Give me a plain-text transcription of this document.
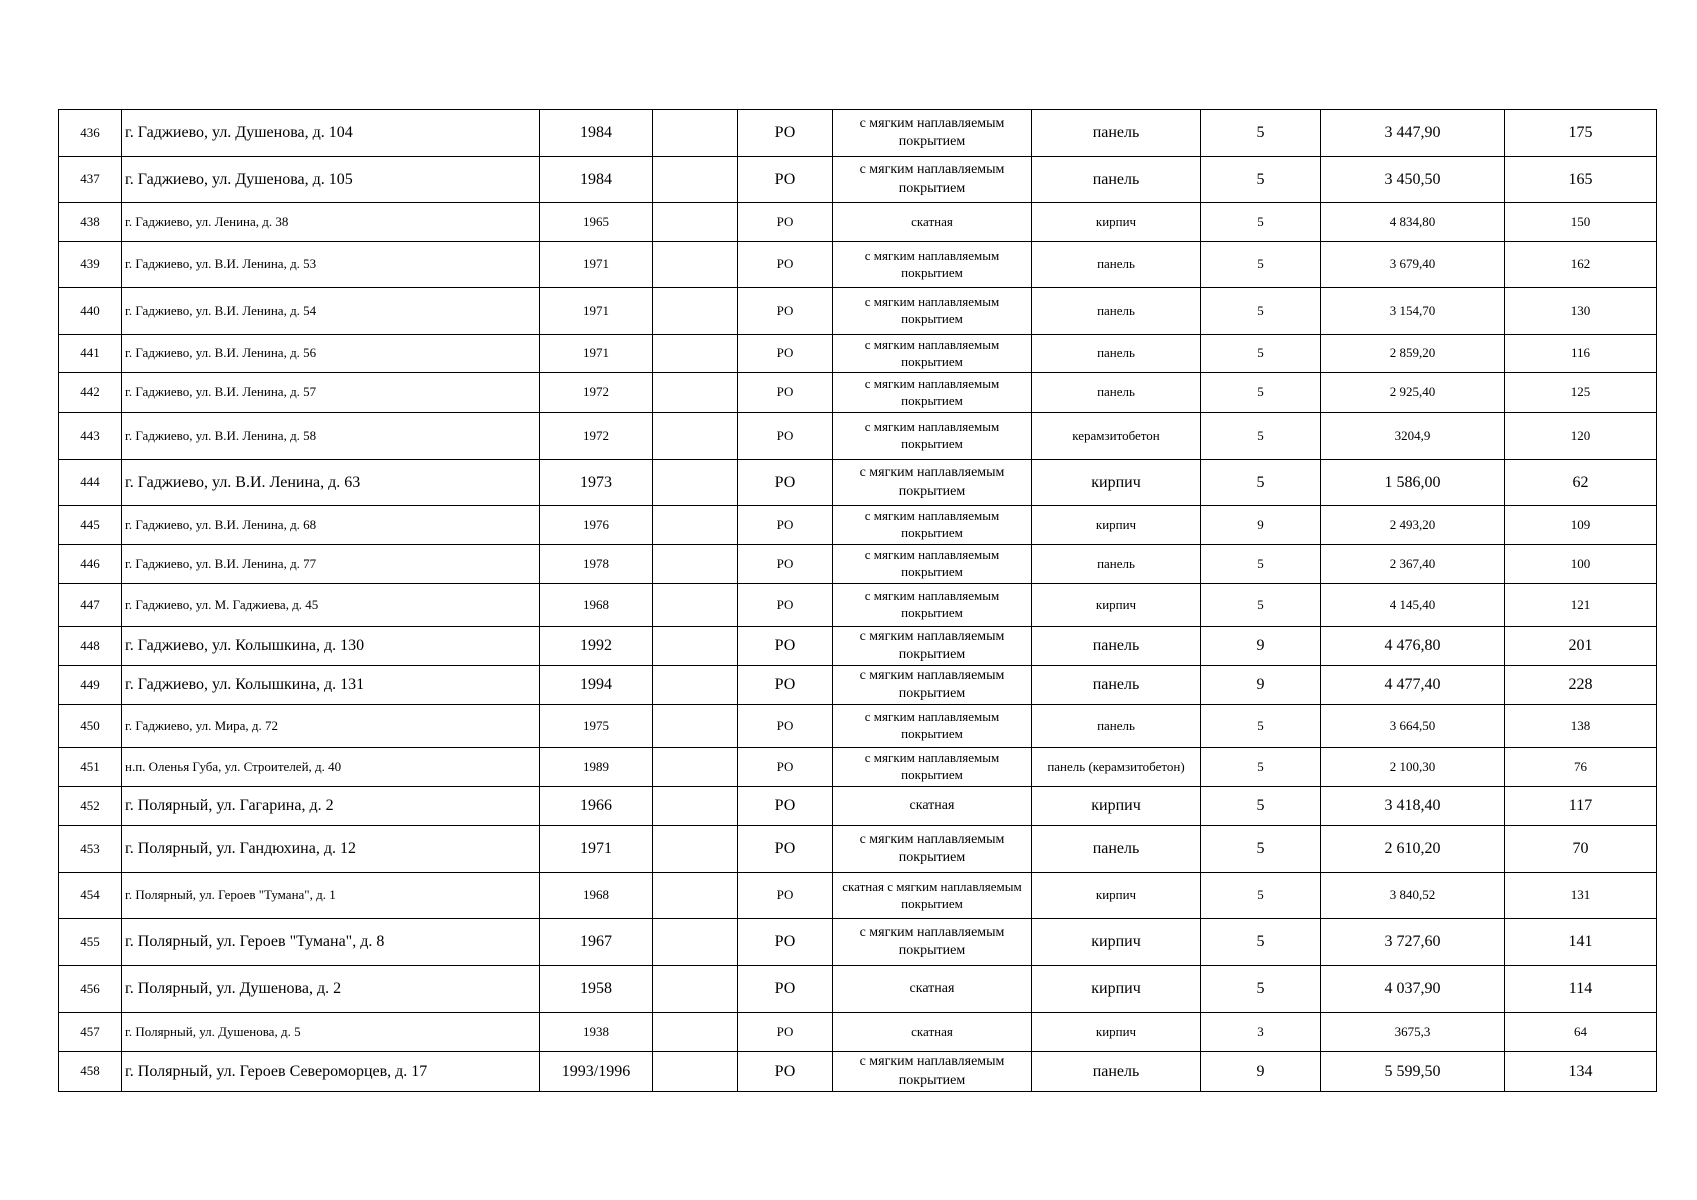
436	г. Гаджиево, ул. Душенова, д. 104	1984		РО	с мягким наплавляемым покрытием	панель	5	3 447,90	175
437	г. Гаджиево, ул. Душенова, д. 105	1984		РО	с мягким наплавляемым покрытием	панель	5	3 450,50	165
438	г. Гаджиево, ул. Ленина, д. 38	1965		РО	скатная	кирпич	5	4 834,80	150
439	г. Гаджиево, ул. В.И. Ленина, д. 53	1971		РО	с мягким наплавляемым покрытием	панель	5	3 679,40	162
440	г. Гаджиево, ул. В.И. Ленина, д. 54	1971		РО	с мягким наплавляемым покрытием	панель	5	3 154,70	130
441	г. Гаджиево, ул. В.И. Ленина, д. 56	1971		РО	с мягким наплавляемым покрытием	панель	5	2 859,20	116
442	г. Гаджиево, ул. В.И. Ленина, д. 57	1972		РО	с мягким наплавляемым покрытием	панель	5	2 925,40	125
443	г. Гаджиево, ул. В.И. Ленина, д. 58	1972		РО	с мягким наплавляемым покрытием	керамзитобетон	5	3204,9	120
444	г. Гаджиево, ул. В.И. Ленина, д. 63	1973		РО	с мягким наплавляемым покрытием	кирпич	5	1 586,00	62
445	г. Гаджиево, ул. В.И. Ленина, д. 68	1976		РО	с мягким наплавляемым покрытием	кирпич	9	2 493,20	109
446	г. Гаджиево, ул. В.И. Ленина, д. 77	1978		РО	с мягким наплавляемым покрытием	панель	5	2 367,40	100
447	г. Гаджиево, ул. М. Гаджиева, д. 45	1968		РО	с мягким наплавляемым покрытием	кирпич	5	4 145,40	121
448	г. Гаджиево, ул. Колышкина, д. 130	1992		РО	с мягким наплавляемым покрытием	панель	9	4 476,80	201
449	г. Гаджиево, ул. Колышкина, д. 131	1994		РО	с мягким наплавляемым покрытием	панель	9	4 477,40	228
450	г. Гаджиево, ул. Мира, д. 72	1975		РО	с мягким наплавляемым покрытием	панель	5	3 664,50	138
451	н.п. Оленья Губа, ул. Строителей, д. 40	1989		РО	с мягким наплавляемым покрытием	панель (керамзитобетон)	5	2 100,30	76
452	г. Полярный, ул. Гагарина, д. 2	1966		РО	скатная	кирпич	5	3 418,40	117
453	г. Полярный, ул. Гандюхина, д. 12	1971		РО	с мягким наплавляемым покрытием	панель	5	2 610,20	70
454	г. Полярный, ул. Героев "Тумана", д. 1	1968		РО	скатная с мягким наплавляемым покрытием	кирпич	5	3 840,52	131
455	г. Полярный, ул. Героев "Тумана", д. 8	1967		РО	с мягким наплавляемым покрытием	кирпич	5	3 727,60	141
456	г. Полярный, ул. Душенова, д. 2	1958		РО	скатная	кирпич	5	4 037,90	114
457	г. Полярный, ул. Душенова, д. 5	1938		РО	скатная	кирпич	3	3675,3	64
458	г. Полярный, ул. Героев Североморцев, д. 17	1993/1996		РО	с мягким наплавляемым покрытием	панель	9	5 599,50	134
